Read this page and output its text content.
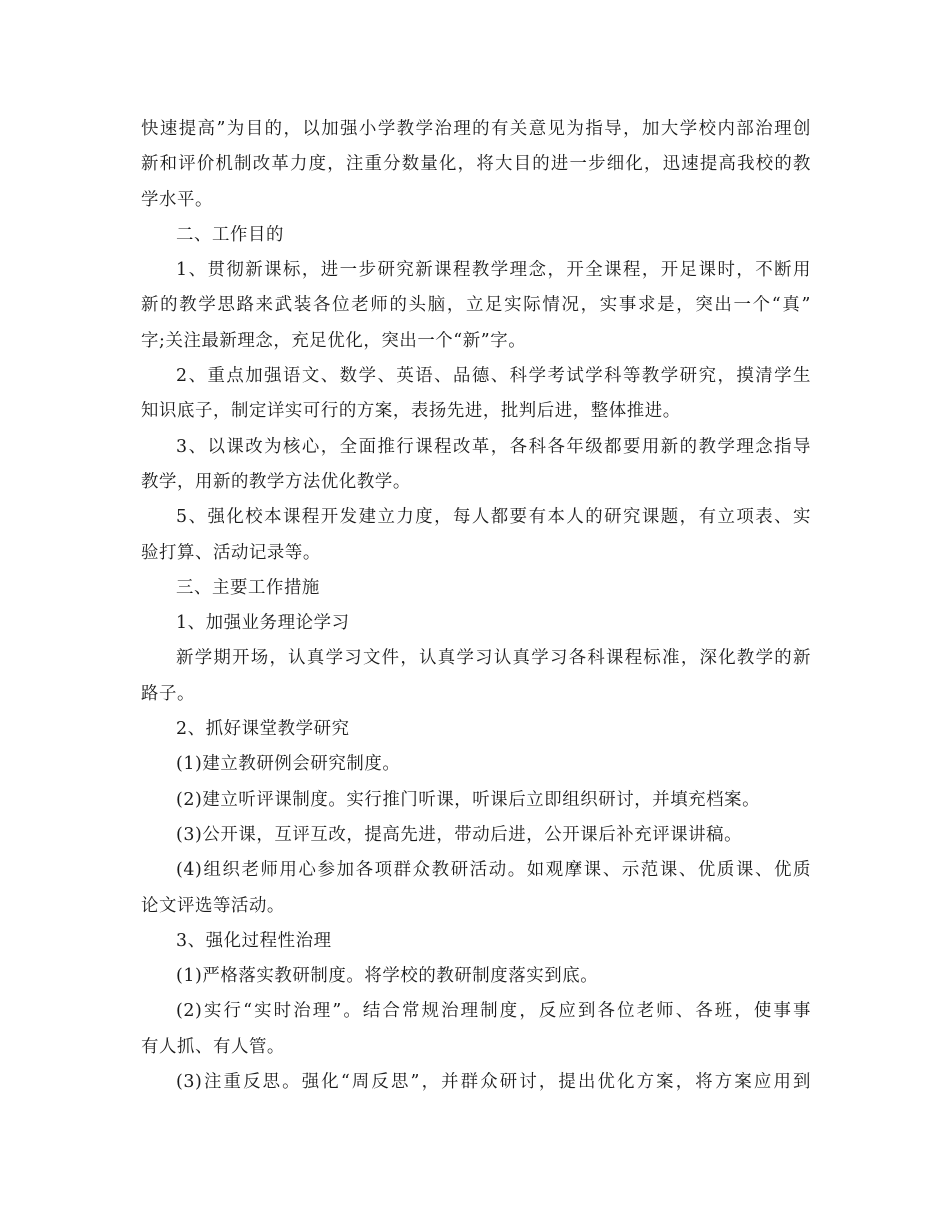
快速提高”为目的，以加强小学教学治理的有关意见为指导，加大学校内部治理创
新和评价机制改革力度，注重分数量化，将大目的进一步细化，迅速提高我校的教
学水平。
二、工作目的
1、贯彻新课标，进一步研究新课程教学理念，开全课程，开足课时，不断用
新的教学思路来武装各位老师的头脑，立足实际情况，实事求是，突出一个“真”
字;关注最新理念，充足优化，突出一个“新”字。
2、重点加强语文、数学、英语、品德、科学考试学科等教学研究，摸清学生
知识底子，制定详实可行的方案，表扬先进，批判后进，整体推进。
3、以课改为核心，全面推行课程改革，各科各年级都要用新的教学理念指导
教学，用新的教学方法优化教学。
5、强化校本课程开发建立力度，每人都要有本人的研究课题，有立项表、实
验打算、活动记录等。
三、主要工作措施
1、加强业务理论学习
新学期开场，认真学习文件，认真学习认真学习各科课程标准，深化教学的新
路子。
2、抓好课堂教学研究
(1)建立教研例会研究制度。
(2)建立听评课制度。实行推门听课，听课后立即组织研讨，并填充档案。
(3)公开课，互评互改，提高先进，带动后进，公开课后补充评课讲稿。
(4)组织老师用心参加各项群众教研活动。如观摩课、示范课、优质课、优质
论文评选等活动。
3、强化过程性治理
(1)严格落实教研制度。将学校的教研制度落实到底。
(2)实行“实时治理”。结合常规治理制度，反应到各位老师、各班，使事事
有人抓、有人管。
(3)注重反思。强化“周反思”，并群众研讨，提出优化方案，将方案应用到
